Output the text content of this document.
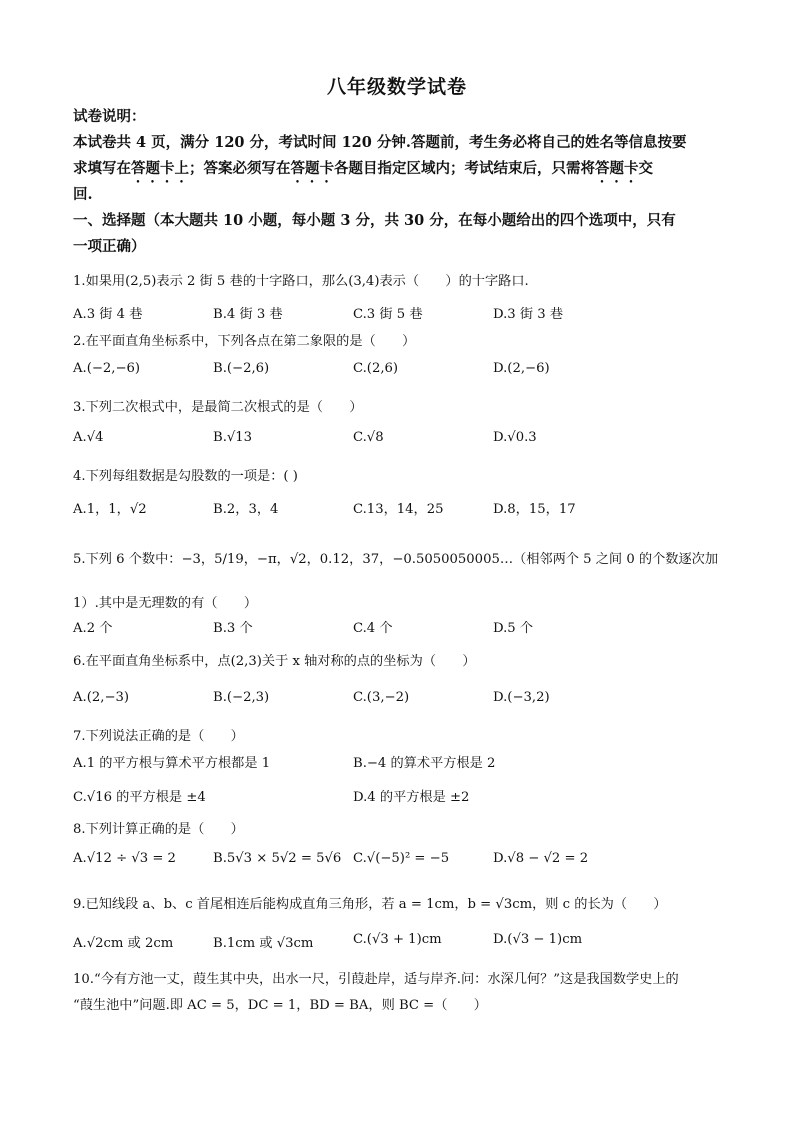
八年级数学试卷
试卷说明：
本试卷共 4 页，满分 120 分，考试时间 120 分钟.答题前，考生务必将自己的姓名等信息按要
求填写在答题卡上；答案必须写在答题卡各题目指定区域内；考试结束后，只需将答题卡交
回.
一、选择题（本大题共 10 小题，每小题 3 分，共 30 分，在每小题给出的四个选项中，只有
一项正确）
1.如果用(2,5)表示 2 街 5 巷的十字路口，那么(3,4)表示（　　）的十字路口.
A.3 街 4 巷	B.4 街 3 巷	C.3 街 5 巷	D.3 街 3 巷
2.在平面直角坐标系中，下列各点在第二象限的是（　　）
A.(−2,−6)	B.(−2,6)	C.(2,6)	D.(2,−6)
3.下列二次根式中，是最简二次根式的是（　　）
A.√4	B.√13	C.√8	D.√0.3
4.下列每组数据是勾股数的一项是：( )
A.1，1，√2	B.2，3，4	C.13，14，25	D.8，15，17
5.下列 6 个数中：−3，5/19，−π，√2，0.12，37，−0.5050050005…（相邻两个 5 之间 0 的个数逐次加
1）.其中是无理数的有（　　）
A.2 个	B.3 个	C.4 个	D.5 个
6.在平面直角坐标系中，点(2,3)关于 x 轴对称的点的坐标为（　　）
A.(2,−3)	B.(−2,3)	C.(3,−2)	D.(−3,2)
7.下列说法正确的是（　　）
A.1 的平方根与算术平方根都是 1	B.−4 的算术平方根是 2
C.√16 的平方根是 ±4	D.4 的平方根是 ±2
8.下列计算正确的是（　　）
A.√12 ÷ √3 = 2	B.5√3 × 5√2 = 5√6 C.√(−5)² = −5	D.√8 − √2 = 2
9.已知线段 a、b、c 首尾相连后能构成直角三角形，若 a = 1cm，b = √3cm，则 c 的长为（　　）
A.√2cm 或 2cm	B.1cm 或 √3cm	C.(√3 + 1)cm	D.(√3 − 1)cm
10.“今有方池一丈，葭生其中央，出水一尺，引葭赴岸，适与岸齐.问：水深几何？”这是我国数学史上的
“葭生池中”问题.即 AC = 5，DC = 1，BD = BA，则 BC =（　　）
